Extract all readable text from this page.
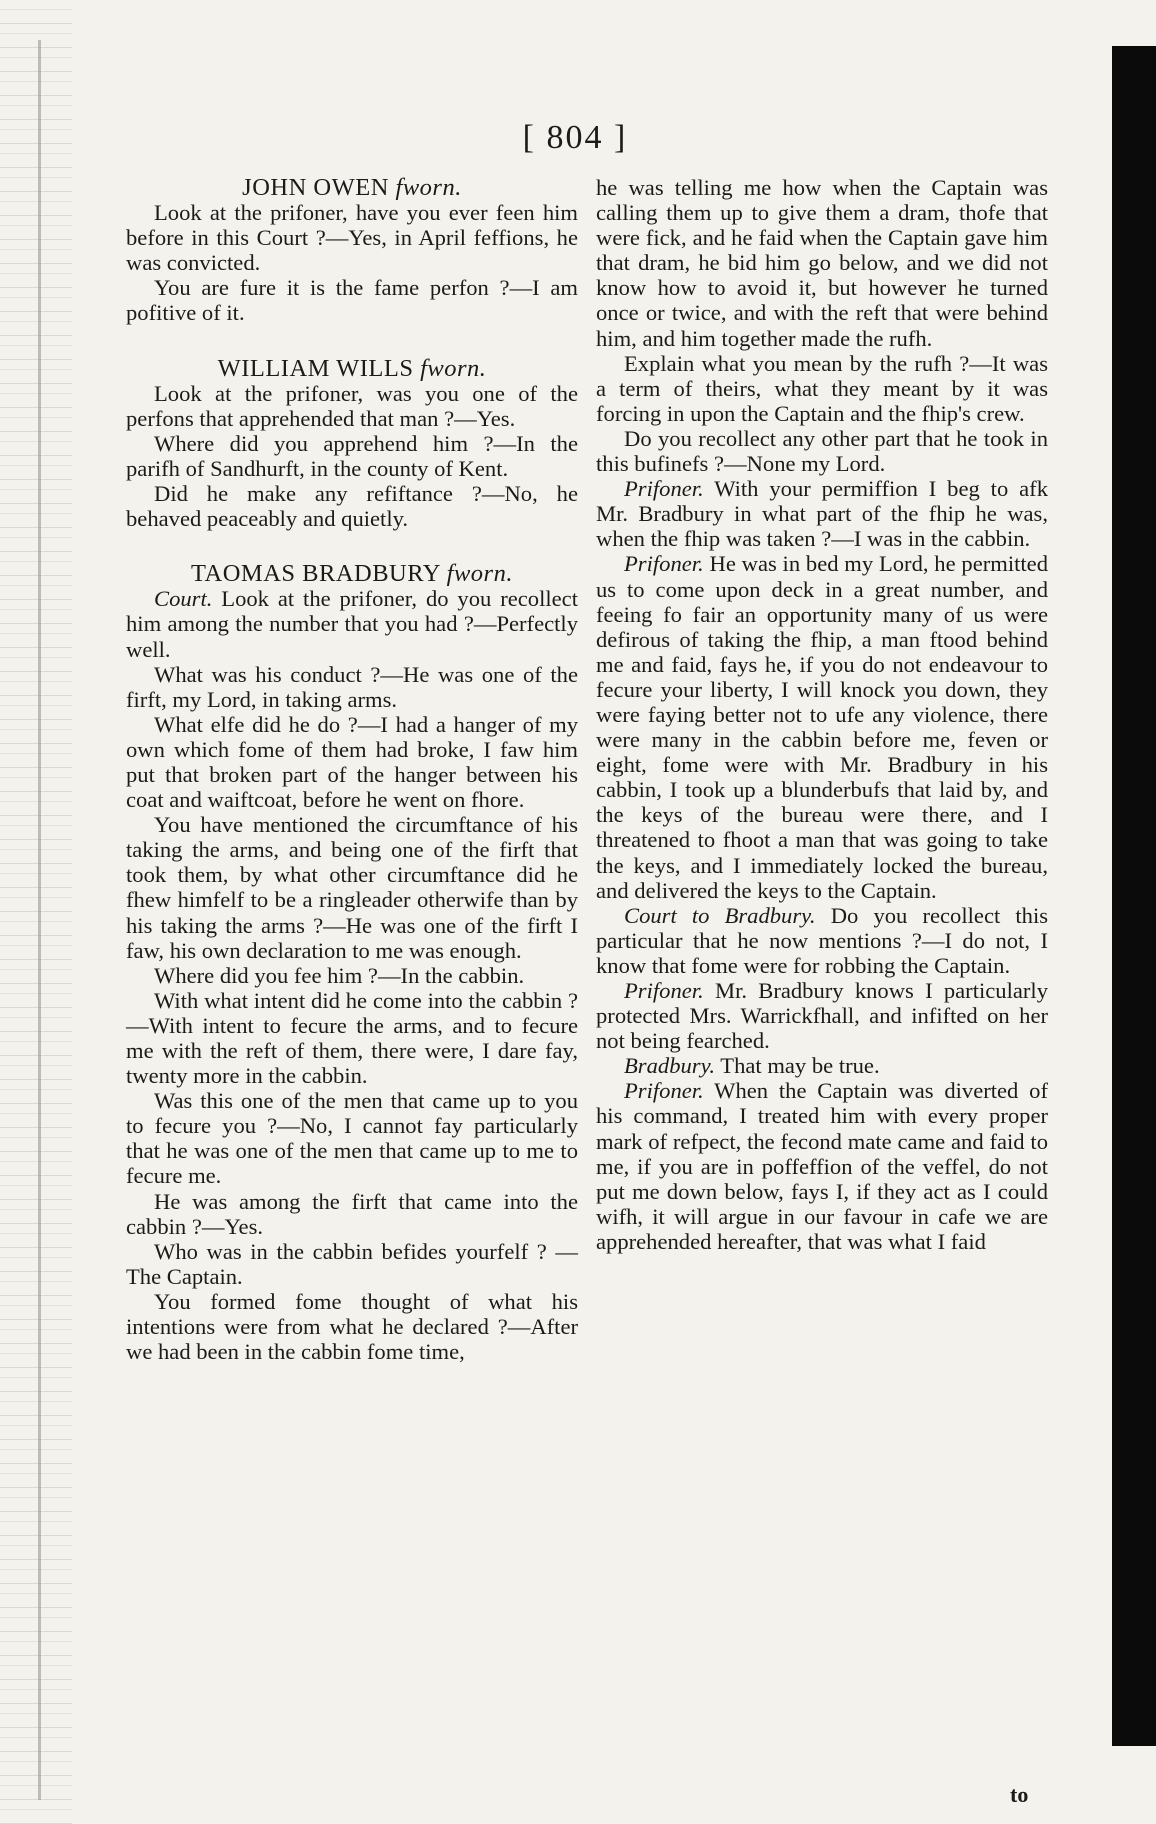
[ 804 ]

JOHN OWEN fworn.

Look at the prifoner, have you ever feen him before in this Court ?—Yes, in April feffions, he was convicted.

You are fure it is the fame perfon ?—I am pofitive of it.

WILLIAM WILLS fworn.

Look at the prifoner, was you one of the perfons that apprehended that man ?—Yes.

Where did you apprehend him ?—In the parifh of Sandhurft, in the county of Kent.

Did he make any refiftance ?—No, he behaved peaceably and quietly.

TAOMAS BRADBURY fworn.

Court. Look at the prifoner, do you recollect him among the number that you had ?—Perfectly well.

What was his conduct ?—He was one of the firft, my Lord, in taking arms.

What elfe did he do ?—I had a hanger of my own which fome of them had broke, I faw him put that broken part of the hanger between his coat and waiftcoat, before he went on fhore.

You have mentioned the circumftance of his taking the arms, and being one of the firft that took them, by what other circumftance did he fhew himfelf to be a ringleader otherwife than by his taking the arms ?—He was one of the firft I faw, his own declaration to me was enough.

Where did you fee him ?—In the cabbin.

With what intent did he come into the cabbin ?—With intent to fecure the arms, and to fecure me with the reft of them, there were, I dare fay, twenty more in the cabbin.

Was this one of the men that came up to you to fecure you ?—No, I cannot fay particularly that he was one of the men that came up to me to fecure me.

He was among the firft that came into the cabbin ?—Yes.

Who was in the cabbin befides yourfelf ? —The Captain.

You formed fome thought of what his intentions were from what he declared ?—After we had been in the cabbin fome time,

he was telling me how when the Captain was calling them up to give them a dram, thofe that were fick, and he faid when the Captain gave him that dram, he bid him go below, and we did not know how to avoid it, but however he turned once or twice, and with the reft that were behind him, and him together made the rufh.

Explain what you mean by the rufh ?—It was a term of theirs, what they meant by it was forcing in upon the Captain and the fhip's crew.

Do you recollect any other part that he took in this bufinefs ?—None my Lord.

Prifoner. With your permiffion I beg to afk Mr. Bradbury in what part of the fhip he was, when the fhip was taken ?—I was in the cabbin.

Prifoner. He was in bed my Lord, he permitted us to come upon deck in a great number, and feeing fo fair an opportunity many of us were defirous of taking the fhip, a man ftood behind me and faid, fays he, if you do not endeavour to fecure your liberty, I will knock you down, they were faying better not to ufe any violence, there were many in the cabbin before me, feven or eight, fome were with Mr. Bradbury in his cabbin, I took up a blunderbufs that laid by, and the keys of the bureau were there, and I threatened to fhoot a man that was going to take the keys, and I immediately locked the bureau, and delivered the keys to the Captain.

Court to Bradbury. Do you recollect this particular that he now mentions ?—I do not, I know that fome were for robbing the Captain.

Prifoner. Mr. Bradbury knows I particularly protected Mrs. Warrickfhall, and infifted on her not being fearched.

Bradbury. That may be true.

Prifoner. When the Captain was diverted of his command, I treated him with every proper mark of refpect, the fecond mate came and faid to me, if you are in poffeffion of the veffel, do not put me down below, fays I, if they act as I could wifh, it will argue in our favour in cafe we are apprehended hereafter, that was what I faid

to
